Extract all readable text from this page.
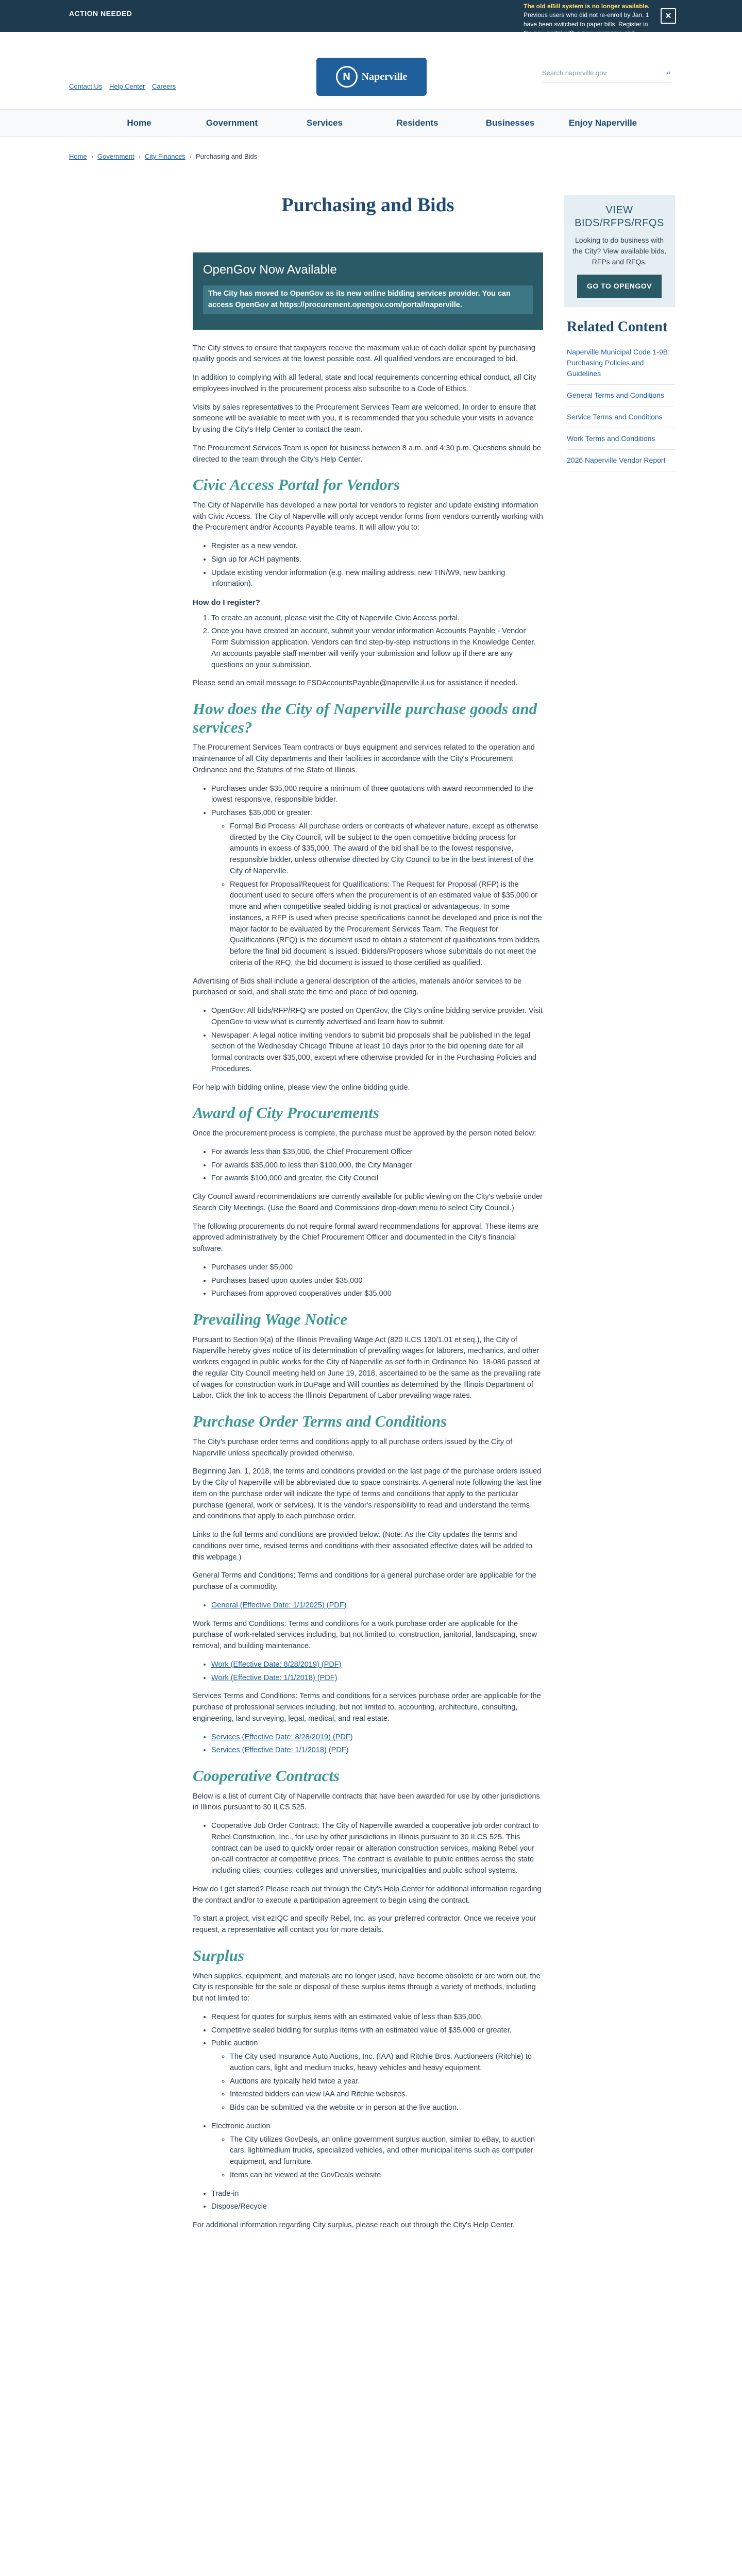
ACTION NEEDED
The old eBill system is no longer available. Previous users who did not re-enroll by Jan. 1 have been switched to paper bills. Register in
×
Contact Us Help Center Careers
N	Naperville	Search naperville.gov	⌕
Home	Government	Services	Residents	Businesses	Enjoy Naperville
Home › Government › City Finances › Purchasing and Bids
Purchasing and Bids
OpenGov Now Available

The City has moved to OpenGov as its new online bidding services provider. You can access OpenGov at https://procurement.opengov.com/portal/naperville.

The City strives to ensure that taxpayers receive the maximum value of each dollar spent by purchasing quality goods and services at the lowest possible cost. All qualified vendors are encouraged to bid.

In addition to complying with all federal, state and local requirements concerning ethical conduct, all City employees involved in the procurement process also subscribe to a Code of Ethics.

Visits by sales representatives to the Procurement Services Team are welcomed. In order to ensure that someone will be available to meet with you, it is recommended that you schedule your visits in advance by using the City's Help Center to contact the team.

The Procurement Services Team is open for business between 8 a.m. and 4:30 p.m. Questions should be directed to the team through the City's Help Center.

Civic Access Portal for Vendors

The City of Naperville has developed a new portal for vendors to register and update existing information with Civic Access. The City of Naperville will only accept vendor forms from vendors currently working with the Procurement and/or Accounts Payable teams. It will allow you to:

• Register as a new vendor.
• Sign up for ACH payments.
• Update existing vendor information (e.g. new mailing address, new TIN/W9, new banking information).
How do I register?
1. To create an account, please visit the City of Naperville Civic Access portal.
2. Once you have created an account, submit your vendor information Accounts Payable - Vendor Form Submission application. Vendors can find step-by-step instructions in the Knowledge Center. An accounts payable staff member will verify your submission and follow up if there are any questions on your submission.

Please send an email message to FSDAccountsPayable@naperville.il.us for assistance if needed.

How does the City of Naperville purchase goods and services?

The Procurement Services Team contracts or buys equipment and services related to the operation and maintenance of all City departments and their facilities in accordance with the City's Procurement Ordinance and the Statutes of the State of Illinois.

• Purchases under $35,000 require a minimum of three quotations with award recommended to the lowest responsive, responsible bidder.
• Purchases $35,000 or greater:
◦ Formal Bid Process: All purchase orders or contracts of whatever nature, except as otherwise directed by the City Council, will be subject to the open competitive bidding process for amounts in excess of $35,000. The award of the bid shall be to the lowest responsive, responsible bidder, unless otherwise directed by City Council to be in the best interest of the City of Naperville.
◦ Request for Proposal/Request for Qualifications: The Request for Proposal (RFP) is the document used to secure offers when the procurement is of an estimated value of $35,000 or more and when competitive sealed bidding is not practical or advantageous. In some instances, a RFP is used when precise specifications cannot be developed and price is not the major factor to be evaluated by the Procurement Services Team. The Request for Qualifications (RFQ) is the document used to obtain a statement of qualifications from bidders before the final bid document is issued. Bidders/Proposers whose submittals do not meet the criteria of the RFQ, the bid document is issued to those certified as qualified.

Advertising of Bids shall include a general description of the articles, materials and/or services to be purchased or sold, and shall state the time and place of bid opening.

• OpenGov: All bids/RFP/RFQ are posted on OpenGov, the City's online bidding service provider. Visit OpenGov to view what is currently advertised and learn how to submit.
• Newspaper: A legal notice inviting vendors to submit bid proposals shall be published in the legal section of the Wednesday Chicago Tribune at least 10 days prior to the bid opening date for all formal contracts over $35,000, except where otherwise provided for in the Purchasing Policies and Procedures.

For help with bidding online, please view the online bidding guide.

Award of City Procurements

Once the procurement process is complete, the purchase must be approved by the person noted below:

• For awards less than $35,000, the Chief Procurement Officer
• For awards $35,000 to less than $100,000, the City Manager
• For awards $100,000 and greater, the City Council

City Council award recommendations are currently available for public viewing on the City's website under Search City Meetings. (Use the Board and Commissions drop-down menu to select City Council.)

The following procurements do not require formal award recommendations for approval. These items are approved administratively by the Chief Procurement Officer and documented in the City's financial software.

• Purchases under $5,000
• Purchases based upon quotes under $35,000
• Purchases from approved cooperatives under $35,000
Prevailing Wage Notice

Pursuant to Section 9(a) of the Illinois Prevailing Wage Act (820 ILCS 130/1.01 et seq.), the City of Naperville hereby gives notice of its determination of prevailing wages for laborers, mechanics, and other workers engaged in public works for the City of Naperville as set forth in Ordinance No. 18-086 passed at the regular City Council meeting held on June 19, 2018, ascertained to be the same as the prevailing rate of wages for construction work in DuPage and Will counties as determined by the Illinois Department of Labor. Click the link to access the Illinois Department of Labor prevailing wage rates.

Purchase Order Terms and Conditions

The City's purchase order terms and conditions apply to all purchase orders issued by the City of Naperville unless specifically provided otherwise.

Beginning Jan. 1, 2018, the terms and conditions provided on the last page of the purchase orders issued by the City of Naperville will be abbreviated due to space constraints. A general note following the last line item on the purchase order will indicate the type of terms and conditions that apply to the particular purchase (general, work or services). It is the vendor's responsibility to read and understand the terms and conditions that apply to each purchase order.

Links to the full terms and conditions are provided below. (Note: As the City updates the terms and conditions over time, revised terms and conditions with their associated effective dates will be added to this webpage.)

General Terms and Conditions: Terms and conditions for a general purchase order are applicable for the purchase of a commodity.

• General (Effective Date: 1/1/2025) (PDF)

Work Terms and Conditions: Terms and conditions for a work purchase order are applicable for the purchase of work-related services including, but not limited to, construction, janitorial, landscaping, snow removal, and building maintenance.

• Work (Effective Date: 8/28/2019) (PDF)
• Work (Effective Date: 1/1/2018) (PDF)

Services Terms and Conditions: Terms and conditions for a services purchase order are applicable for the purchase of professional services including, but not limited to, accounting, architecture, consulting, engineering, land surveying, legal, medical, and real estate.

• Services (Effective Date: 8/28/2019) (PDF)
• Services (Effective Date: 1/1/2018) (PDF)
Cooperative Contracts

Below is a list of current City of Naperville contracts that have been awarded for use by other jurisdictions in Illinois pursuant to 30 ILCS 525.

• Cooperative Job Order Contract: The City of Naperville awarded a cooperative job order contract to Rebel Construction, Inc., for use by other jurisdictions in Illinois pursuant to 30 ILCS 525. This contract can be used to quickly order repair or alteration construction services, making Rebel your on-call contractor at competitive prices. The contract is available to public entities across the state including cities, counties, colleges and universities, municipalities and public school systems.

How do I get started? Please reach out through the City's Help Center for additional information regarding the contract and/or to execute a participation agreement to begin using the contract.

To start a project, visit ezIQC and specify Rebel, Inc. as your preferred contractor. Once we receive your request, a representative will contact you for more details.

Surplus

When supplies, equipment, and materials are no longer used, have become obsolete or are worn out, the City is responsible for the sale or disposal of these surplus items through a variety of methods, including but not limited to:

• Request for quotes for surplus items with an estimated value of less than $35,000.
• Competitive sealed bidding for surplus items with an estimated value of $35,000 or greater.
• Public auction
◦ The City used Insurance Auto Auctions, Inc. (IAA) and Ritchie Bros. Auctioneers (Ritchie) to auction cars, light and medium trucks, heavy vehicles and heavy equipment.
◦ Auctions are typically held twice a year.
◦ Interested bidders can view IAA and Ritchie websites.
◦ Bids can be submitted via the website or in person at the live auction.
• Electronic auction
◦ The City utilizes GovDeals, an online government surplus auction, similar to eBay, to auction cars, light/medium trucks, specialized vehicles, and other municipal items such as computer equipment, and furniture.
◦ Items can be viewed at the GovDeals website
• Trade-in
• Dispose/Recycle

For additional information regarding City surplus, please reach out through the City's Help Center.

VIEW BIDS/RFPS/RFQS
Looking to do business with the City? View available bids, RFPs and RFQs.
GO TO OPENGOV
Related Content
Naperville Municipal Code 1-9B: Purchasing Policies and Guidelines
General Terms and Conditions
Service Terms and Conditions
Work Terms and Conditions
2026 Naperville Vendor Report
